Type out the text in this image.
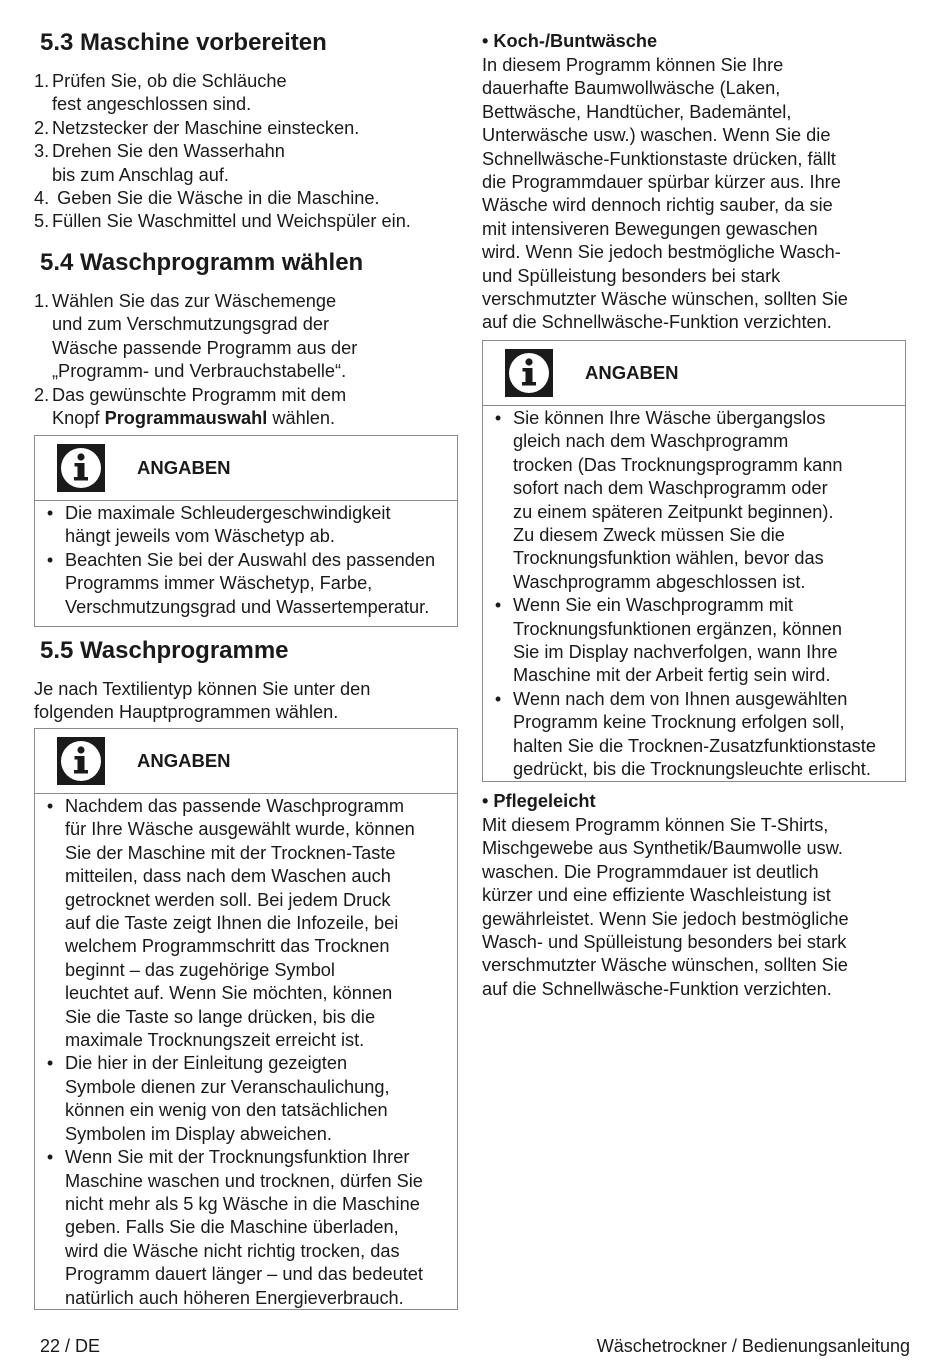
5.3 Maschine vorbereiten
1. Prüfen Sie, ob die Schläuche
fest angeschlossen sind.
2. Netzstecker der Maschine einstecken.
3. Drehen Sie den Wasserhahn
bis zum Anschlag auf.
4. Geben Sie die Wäsche in die Maschine.
5. Füllen Sie Waschmittel und Weichspüler ein.
5.4 Waschprogramm wählen
1. Wählen Sie das zur Wäschemenge
und zum Verschmutzungsgrad der
Wäsche passende Programm aus der
„Programm- und Verbrauchstabelle“.
2. Das gewünschte Programm mit dem
Knopf Programmauswahl wählen.
ANGABEN
• Die maximale Schleudergeschwindigkeit
hängt jeweils vom Wäschetyp ab.
• Beachten Sie bei der Auswahl des passenden
Programms immer Wäschetyp, Farbe,
Verschmutzungsgrad und Wassertemperatur.
5.5 Waschprogramme

Je nach Textilientyp können Sie unter den
folgenden Hauptprogrammen wählen.

ANGABEN
• Nachdem das passende Waschprogramm
für Ihre Wäsche ausgewählt wurde, können
Sie der Maschine mit der Trocknen-Taste
mitteilen, dass nach dem Waschen auch
getrocknet werden soll. Bei jedem Druck
auf die Taste zeigt Ihnen die Infozeile, bei
welchem Programmschritt das Trocknen
beginnt – das zugehörige Symbol
leuchtet auf. Wenn Sie möchten, können
Sie die Taste so lange drücken, bis die
maximale Trocknungszeit erreicht ist.
• Die hier in der Einleitung gezeigten
Symbole dienen zur Veranschaulichung,
können ein wenig von den tatsächlichen
Symbolen im Display abweichen.
• Wenn Sie mit der Trocknungsfunktion Ihrer
Maschine waschen und trocknen, dürfen Sie
nicht mehr als 5 kg Wäsche in die Maschine
geben. Falls Sie die Maschine überladen,
wird die Wäsche nicht richtig trocken, das
Programm dauert länger – und das bedeutet
natürlich auch höheren Energieverbrauch.
• Koch-/Buntwäsche

In diesem Programm können Sie Ihre
dauerhafte Baumwollwäsche (Laken,
Bettwäsche, Handtücher, Bademäntel,
Unterwäsche usw.) waschen. Wenn Sie die
Schnellwäsche-Funktionstaste drücken, fällt
die Programmdauer spürbar kürzer aus. Ihre
Wäsche wird dennoch richtig sauber, da sie
mit intensiveren Bewegungen gewaschen
wird. Wenn Sie jedoch bestmögliche Wasch-
und Spülleistung besonders bei stark
verschmutzter Wäsche wünschen, sollten Sie
auf die Schnellwäsche-Funktion verzichten.

ANGABEN
• Sie können Ihre Wäsche übergangslos
gleich nach dem Waschprogramm
trocken (Das Trocknungsprogramm kann
sofort nach dem Waschprogramm oder
zu einem späteren Zeitpunkt beginnen).
Zu diesem Zweck müssen Sie die
Trocknungsfunktion wählen, bevor das
Waschprogramm abgeschlossen ist.
• Wenn Sie ein Waschprogramm mit
Trocknungsfunktionen ergänzen, können
Sie im Display nachverfolgen, wann Ihre
Maschine mit der Arbeit fertig sein wird.
• Wenn nach dem von Ihnen ausgewählten
Programm keine Trocknung erfolgen soll,
halten Sie die Trocknen-Zusatzfunktionstaste
gedrückt, bis die Trocknungsleuchte erlischt.
• Pflegeleicht

Mit diesem Programm können Sie T-Shirts,
Mischgewebe aus Synthetik/Baumwolle usw.
waschen. Die Programmdauer ist deutlich
kürzer und eine effiziente Waschleistung ist
gewährleistet. Wenn Sie jedoch bestmögliche
Wasch- und Spülleistung besonders bei stark
verschmutzter Wäsche wünschen, sollten Sie
auf die Schnellwäsche-Funktion verzichten.

22 / DE	Wäschetrockner / Bedienungsanleitung
